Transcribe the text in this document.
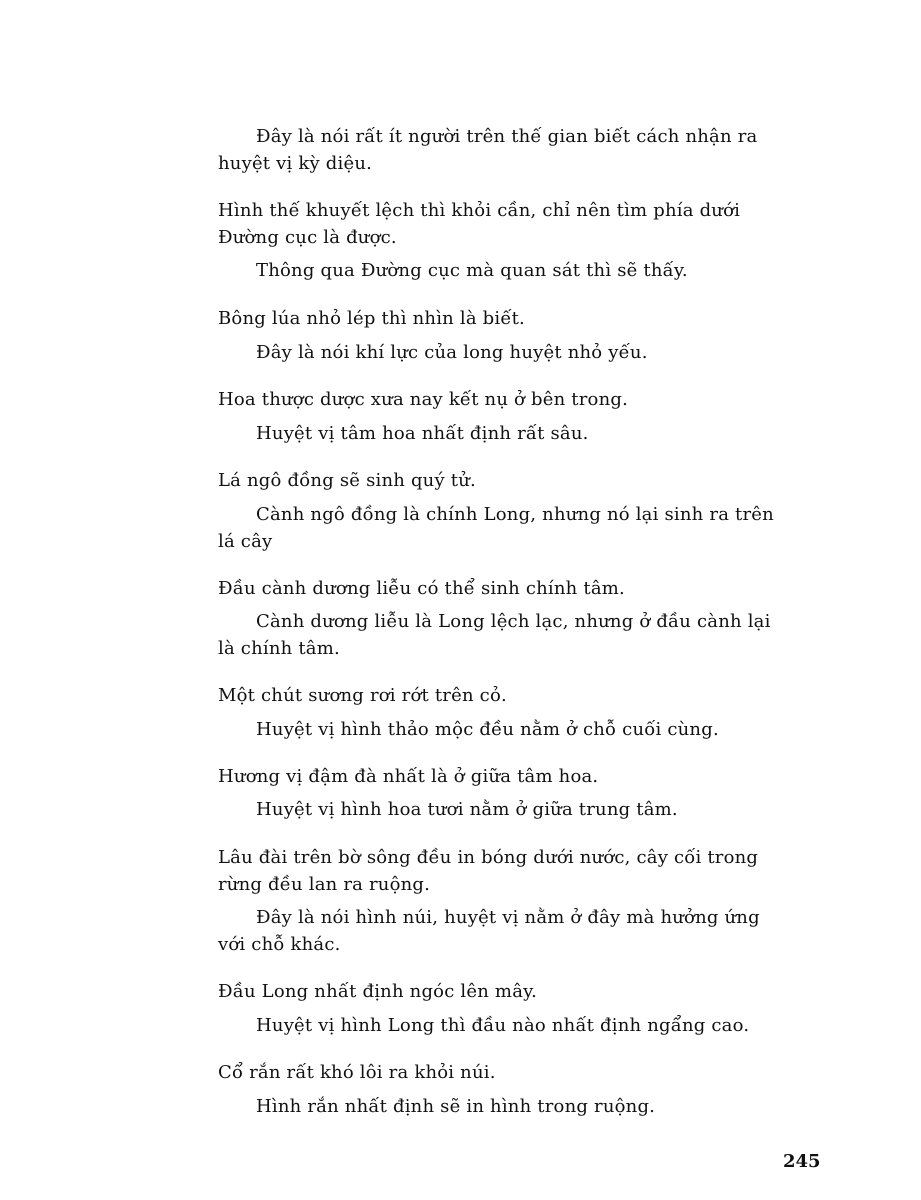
Đây là nói rất ít người trên thế gian biết cách nhận ra
huyệt vị kỳ diệu.
Hình thế khuyết lệch thì khỏi cần, chỉ nên tìm phía dưới
Đường cục là được.
Thông qua Đường cục mà quan sát thì sẽ thấy.
Bông lúa nhỏ lép thì nhìn là biết.
Đây là nói khí lực của long huyệt nhỏ yếu.
Hoa thược dược xưa nay kết nụ ở bên trong.
Huyệt vị tâm hoa nhất định rất sâu.
Lá ngô đồng sẽ sinh quý tử.
Cành ngô đồng là chính Long, nhưng nó lại sinh ra trên
lá cây
Đầu cành dương liễu có thể sinh chính tâm.
Cành dương liễu là Long lệch lạc, nhưng ở đầu cành lại
là chính tâm.
Một chút sương rơi rớt trên cỏ.
Huyệt vị hình thảo mộc đều nằm ở chỗ cuối cùng.
Hương vị đậm đà nhất là ở giữa tâm hoa.
Huyệt vị hình hoa tươi nằm ở giữa trung tâm.
Lâu đài trên bờ sông đều in bóng dưới nước, cây cối trong
rừng đều lan ra ruộng.
Đây là nói hình núi, huyệt vị nằm ở đây mà hưởng ứng
với chỗ khác.
Đầu Long nhất định ngóc lên mây.
Huyệt vị hình Long thì đầu nào nhất định ngẩng cao.
Cổ rắn rất khó lôi ra khỏi núi.
Hình rắn nhất định sẽ in hình trong ruộng.
245
